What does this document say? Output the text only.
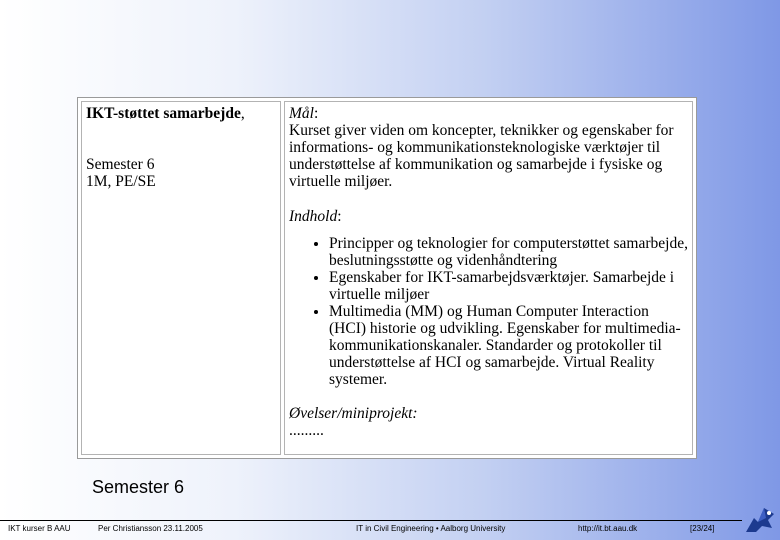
IKT-støttet samarbejde,
Semester 6
1M, PE/SE
Mål:

Kurset giver viden om koncepter, teknikker og egenskaber for informations- og kommunikationsteknologiske værktøjer til understøttelse af kommunikation og samarbejde i fysiske og virtuelle miljøer.

Indhold:
• Principper og teknologier for computerstøttet samarbejde, beslutningsstøtte og videnhåndtering
• Egenskaber for IKT-samarbejdsværktøjer. Samarbejde i virtuelle miljøer
• Multimedia (MM) og Human Computer Interaction (HCI) historie og udvikling. Egenskaber for multimedia-kommunikationskanaler. Standarder og protokoller til understøttelse af HCI og samarbejde. Virtual Reality systemer.
Øvelser/miniprojekt:
.........
Semester 6
IKT kurser B AAU	Per Christiansson 23.11.2005	IT in Civil Engineering • Aalborg University	http://it.bt.aau.dk	[23/24]
